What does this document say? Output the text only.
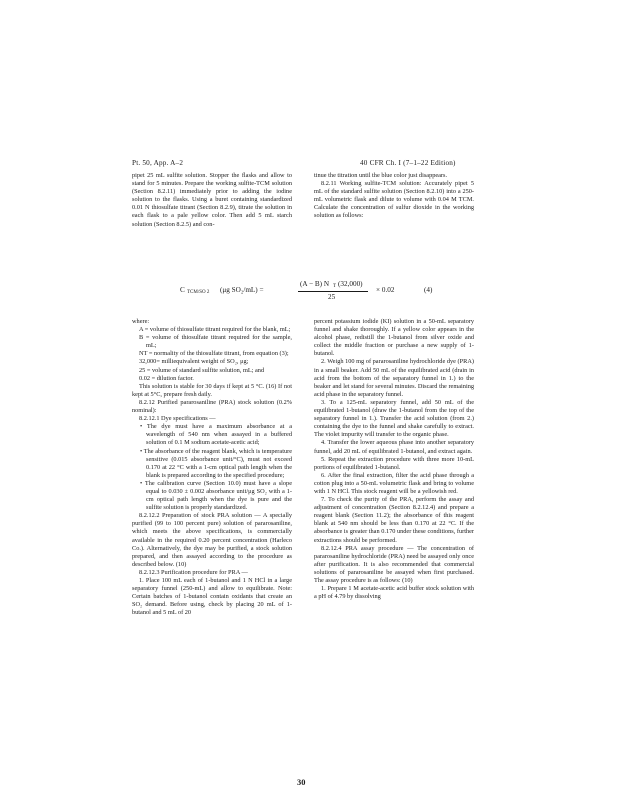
Pt. 50, App. A–2	40 CFR Ch. I (7–1–22 Edition)

pipet 25 mL sulfite solution. Stopper the flasks and allow to stand for 5 minutes. Prepare the working sulfite-TCM solution (Section 8.2.11) immediately prior to adding the iodine solution to the flasks. Using a buret containing standardized 0.01 N thiosulfate titrant (Section 8.2.9), titrate the solution in each flask to a pale yellow color. Then add 5 mL starch solution (Section 8.2.5) and con-

tinue the titration until the blue color just disappears.

8.2.11 Working sulfite-TCM solution: Accurately pipet 5 mL of the standard sulfite solution (Section 8.2.10) into a 250-mL volumetric flask and dilute to volume with 0.04 M TCM. Calculate the concentration of sulfur dioxide in the working solution as follows:

C TCM/SO 2 (μg SO₂/mL) =
(A − B) N T (32,000)
25
× 0.02	(4)

where:

A = volume of thiosulfate titrant required for the blank, mL;

B = volume of thiosulfate titrant required for the sample, mL;

NT = normality of the thiosulfate titrant, from equation (3);

32,000= milliequivalent weight of SO₂, μg;

25 = volume of standard sulfite solution, mL; and

0.02 = dilution factor.

This solution is stable for 30 days if kept at 5 °C. (16) If not kept at 5°C, prepare fresh daily.

8.2.12 Purified pararosaniline (PRA) stock solution (0.2% nominal):

8.2.12.1 Dye specifications —

• The dye must have a maximum absorbance at a wavelength of 540 nm when assayed in a buffered solution of 0.1 M sodium acetate-acetic acid;

• The absorbance of the reagent blank, which is temperature sensitive (0.015 absorbance unit/°C), must not exceed 0.170 at 22 °C with a 1-cm optical path length when the blank is prepared according to the specified procedure;

• The calibration curve (Section 10.0) must have a slope equal to 0.030 ± 0.002 absorbance unit/μg SO₂ with a 1-cm optical path length when the dye is pure and the sulfite solution is properly standardized.

8.2.12.2 Preparation of stock PRA solution — A specially purified (99 to 100 percent pure) solution of pararosaniline, which meets the above specifications, is commercially available in the required 0.20 percent concentration (Harleco Co.). Alternatively, the dye may be purified, a stock solution prepared, and then assayed according to the procedure as described below. (10)

8.2.12.3 Purification procedure for PRA —

1. Place 100 mL each of 1-butanol and 1 N HCl in a large separatory funnel (250-mL) and allow to equilibrate. Note: Certain batches of 1-butanol contain oxidants that create an SO₂ demand. Before using, check by placing 20 mL of 1-butanol and 5 mL of 20

percent potassium iodide (KI) solution in a 50-mL separatory funnel and shake thoroughly. If a yellow color appears in the alcohol phase, redistill the 1-butanol from silver oxide and collect the middle fraction or purchase a new supply of 1-butanol.

2. Weigh 100 mg of pararosaniline hydrochloride dye (PRA) in a small beaker. Add 50 mL of the equilibrated acid (drain in acid from the bottom of the separatory funnel in 1.) to the beaker and let stand for several minutes. Discard the remaining acid phase in the separatory funnel.

3. To a 125-mL separatory funnel, add 50 mL of the equilibrated 1-butanol (draw the 1-butanol from the top of the separatory funnel in 1.). Transfer the acid solution (from 2.) containing the dye to the funnel and shake carefully to extract. The violet impurity will transfer to the organic phase.

4. Transfer the lower aqueous phase into another separatory funnel, add 20 mL of equilibrated 1-butanol, and extract again.

5. Repeat the extraction procedure with three more 10-mL portions of equilibrated 1-butanol.

6. After the final extraction, filter the acid phase through a cotton plug into a 50-mL volumetric flask and bring to volume with 1 N HCl. This stock reagent will be a yellowish red.

7. To check the purity of the PRA, perform the assay and adjustment of concentration (Section 8.2.12.4) and prepare a reagent blank (Section 11.2); the absorbance of this reagent blank at 540 nm should be less than 0.170 at 22 °C. If the absorbance is greater than 0.170 under these conditions, further extractions should be performed.

8.2.12.4 PRA assay procedure — The concentration of pararosaniline hydrochloride (PRA) need be assayed only once after purification. It is also recommended that commercial solutions of pararosaniline be assayed when first purchased. The assay procedure is as follows: (10)

1. Prepare 1 M acetate-acetic acid buffer stock solution with a pH of 4.79 by dissolving

30
